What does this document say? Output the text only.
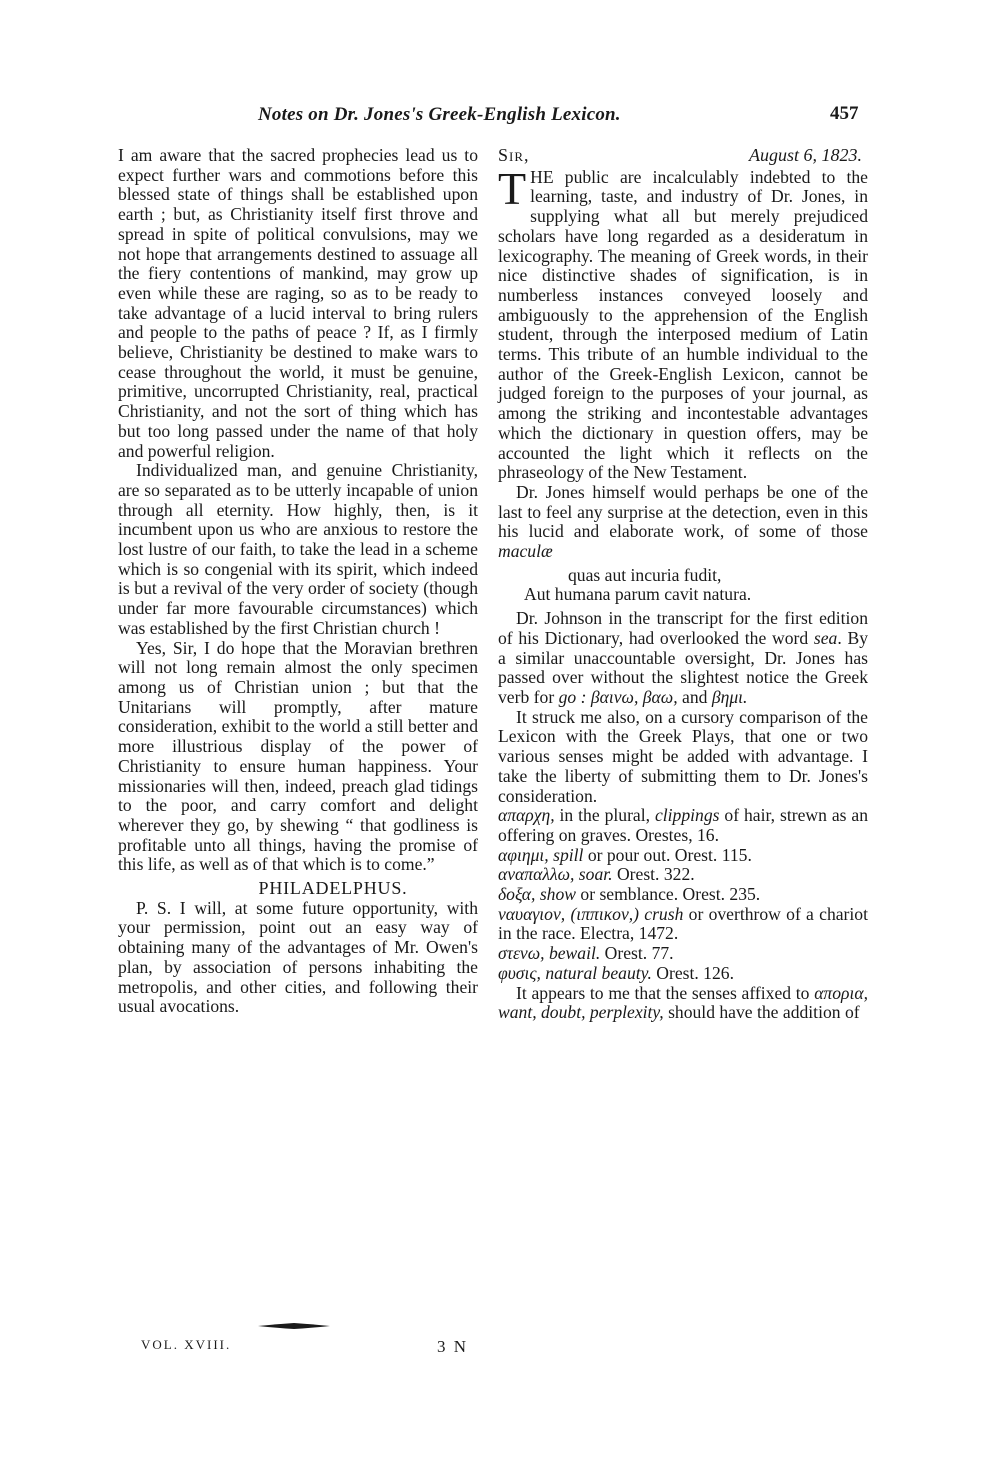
Notes on Dr. Jones's Greek-English Lexicon.	457

I am aware that the sacred prophecies lead us to expect further wars and commotions before this blessed state of things shall be established upon earth ; but, as Christianity itself first throve and spread in spite of political convulsions, may we not hope that arrangements destined to assuage all the fiery contentions of mankind, may grow up even while these are raging, so as to be ready to take advantage of a lucid interval to bring rulers and people to the paths of peace ? If, as I firmly believe, Christianity be destined to make wars to cease throughout the world, it must be genuine, primitive, uncorrupted Christianity, real, practical Christianity, and not the sort of thing which has but too long passed under the name of that holy and powerful religion.

Individualized man, and genuine Christianity, are so separated as to be utterly incapable of union through all eternity. How highly, then, is it incumbent upon us who are anxious to restore the lost lustre of our faith, to take the lead in a scheme which is so congenial with its spirit, which indeed is but a revival of the very order of society (though under far more favourable circumstances) which was established by the first Christian church !

Yes, Sir, I do hope that the Moravian brethren will not long remain almost the only specimen among us of Christian union ; but that the Unitarians will promptly, after mature consideration, exhibit to the world a still better and more illustrious display of the power of Christianity to ensure human happiness. Your missionaries will then, indeed, preach glad tidings to the poor, and carry comfort and delight wherever they go, by shewing “ that godliness is profitable unto all things, having the promise of this life, as well as of that which is to come.”

PHILADELPHUS.

P. S. I will, at some future opportunity, with your permission, point out an easy way of obtaining many of the advantages of Mr. Owen's plan, by association of persons inhabiting the metropolis, and other cities, and following their usual avocations.

Sir,	August 6, 1823.

THE public are incalculably indebted to the learning, taste, and industry of Dr. Jones, in supplying what all but merely prejudiced scholars have long regarded as a desideratum in lexicography. The meaning of Greek words, in their nice distinctive shades of signification, is in numberless instances conveyed loosely and ambiguously to the apprehension of the English student, through the interposed medium of Latin terms. This tribute of an humble individual to the author of the Greek-English Lexicon, cannot be judged foreign to the purposes of your journal, as among the striking and incontestable advantages which the dictionary in question offers, may be accounted the light which it reflects on the phraseology of the New Testament.

Dr. Jones himself would perhaps be one of the last to feel any surprise at the detection, even in this his lucid and elaborate work, of some of those maculæ

quas aut incuria fudit,
Aut humana parum cavit natura.

Dr. Johnson in the transcript for the first edition of his Dictionary, had overlooked the word sea. By a similar unaccountable oversight, Dr. Jones has passed over without the slightest notice the Greek verb for go : βαινω, βαω, and βημι.

It struck me also, on a cursory comparison of the Lexicon with the Greek Plays, that one or two various senses might be added with advantage. I take the liberty of submitting them to Dr. Jones's consideration.

απαρχη, in the plural, clippings of hair, strewn as an offering on graves. Orestes, 16.

αφιημι, spill or pour out. Orest. 115.

αναπαλλω, soar. Orest. 322.

δοξα, show or semblance. Orest. 235.

ναυαγιον, (ιππικον,) crush or overthrow of a chariot in the race. Electra, 1472.

στενω, bewail. Orest. 77.

φυσις, natural beauty. Orest. 126.

It appears to me that the senses affixed to απορια, want, doubt, perplexity, should have the addition of

VOL. XVIII.	3 N
